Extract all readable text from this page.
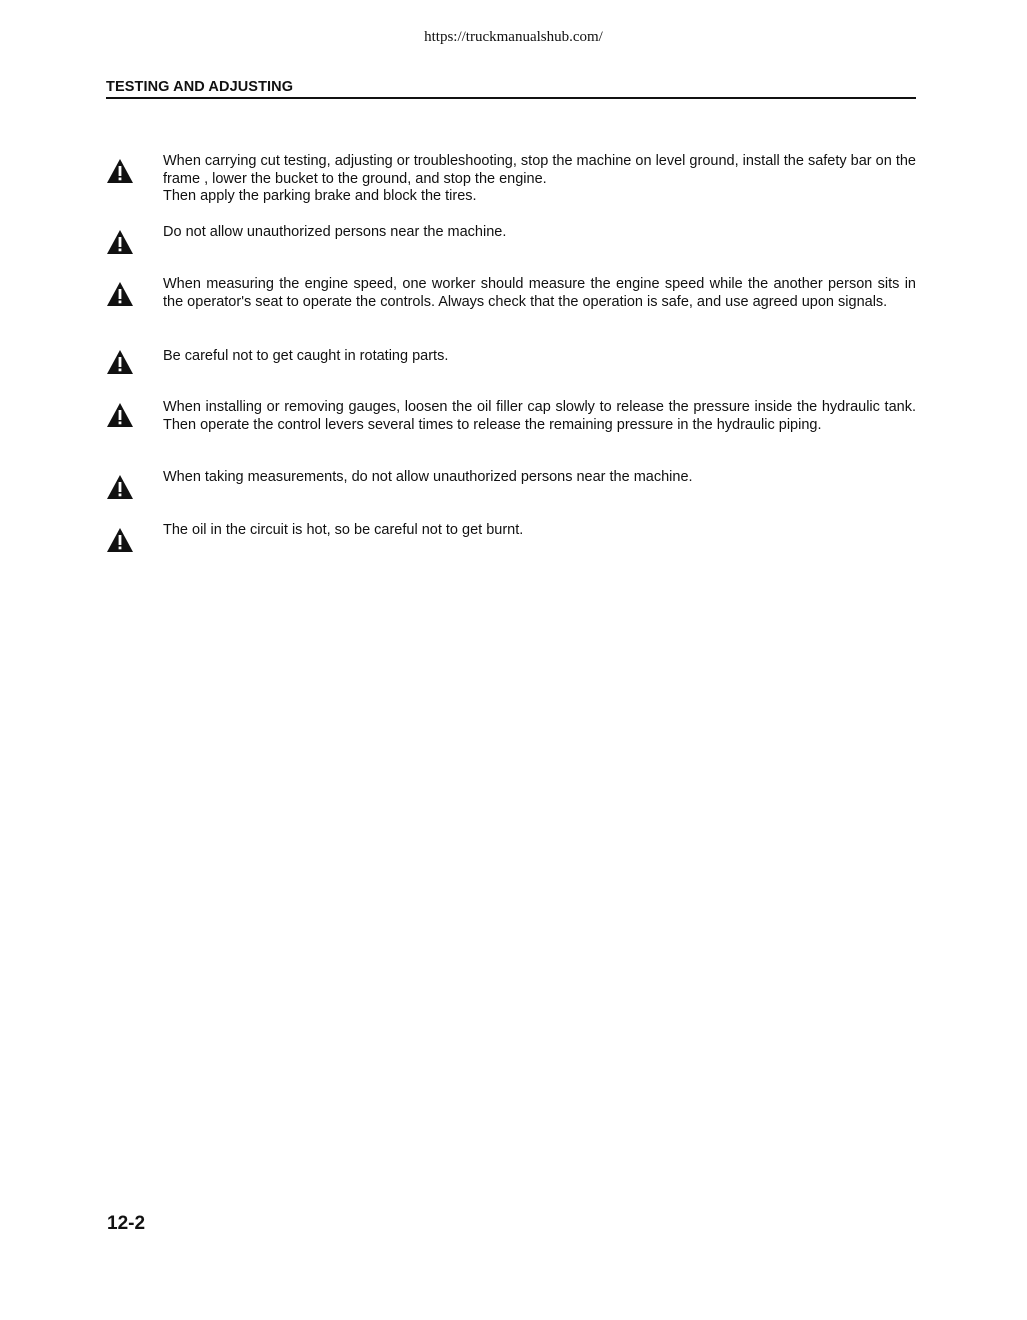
https://truckmanualshub.com/
TESTING AND ADJUSTING
When carrying cut testing, adjusting or troubleshooting, stop the machine on level ground, install the safety bar on the frame , lower the bucket to the ground, and stop the engine.
Then apply the parking brake and block the tires.
Do not allow unauthorized persons near the machine.
When measuring the engine speed, one worker should measure the engine speed while the another person sits in the operator's seat to operate the controls. Always check that the operation is safe, and use agreed upon signals.
Be careful not to get caught in rotating parts.
When installing or removing gauges, loosen the oil filler cap slowly to release the pressure inside the hydraulic tank. Then operate the control levers several times to release the remaining pressure in the hydraulic piping.
When taking measurements, do not allow unauthorized persons near the machine.
The oil in the circuit is hot, so be careful not to get burnt.
12-2
